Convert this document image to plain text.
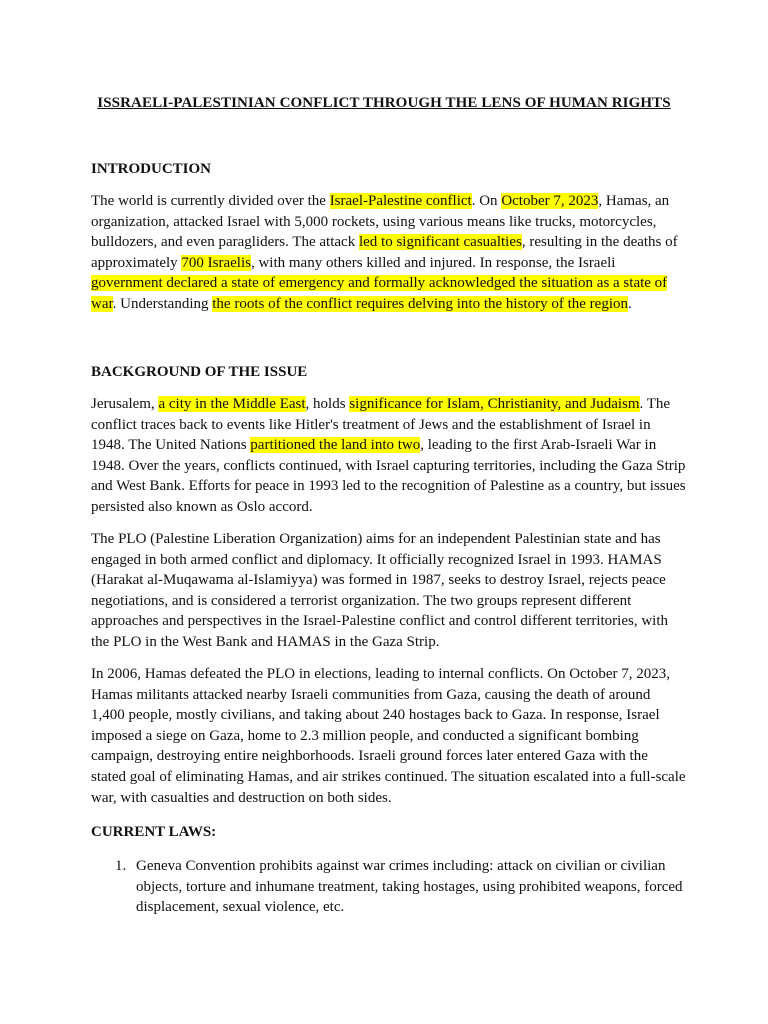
ISSRAELI-PALESTINIAN CONFLICT THROUGH THE LENS OF HUMAN RIGHTS
INTRODUCTION

The world is currently divided over the Israel-Palestine conflict. On October 7, 2023, Hamas, an organization, attacked Israel with 5,000 rockets, using various means like trucks, motorcycles, bulldozers, and even paragliders. The attack led to significant casualties, resulting in the deaths of approximately 700 Israelis, with many others killed and injured. In response, the Israeli government declared a state of emergency and formally acknowledged the situation as a state of war. Understanding the roots of the conflict requires delving into the history of the region.

BACKGROUND OF THE ISSUE

Jerusalem, a city in the Middle East, holds significance for Islam, Christianity, and Judaism. The conflict traces back to events like Hitler's treatment of Jews and the establishment of Israel in 1948. The United Nations partitioned the land into two, leading to the first Arab-Israeli War in 1948. Over the years, conflicts continued, with Israel capturing territories, including the Gaza Strip and West Bank. Efforts for peace in 1993 led to the recognition of Palestine as a country, but issues persisted also known as Oslo accord.

The PLO (Palestine Liberation Organization) aims for an independent Palestinian state and has engaged in both armed conflict and diplomacy. It officially recognized Israel in 1993. HAMAS (Harakat al-Muqawama al-Islamiyya) was formed in 1987, seeks to destroy Israel, rejects peace negotiations, and is considered a terrorist organization. The two groups represent different approaches and perspectives in the Israel-Palestine conflict and control different territories, with the PLO in the West Bank and HAMAS in the Gaza Strip.

In 2006, Hamas defeated the PLO in elections, leading to internal conflicts. On October 7, 2023, Hamas militants attacked nearby Israeli communities from Gaza, causing the death of around 1,400 people, mostly civilians, and taking about 240 hostages back to Gaza. In response, Israel imposed a siege on Gaza, home to 2.3 million people, and conducted a significant bombing campaign, destroying entire neighborhoods. Israeli ground forces later entered Gaza with the stated goal of eliminating Hamas, and air strikes continued. The situation escalated into a full-scale war, with casualties and destruction on both sides.

CURRENT LAWS:
1. Geneva Convention prohibits against war crimes including: attack on civilian or civilian objects, torture and inhumane treatment, taking hostages, using prohibited weapons, forced displacement, sexual violence, etc.
